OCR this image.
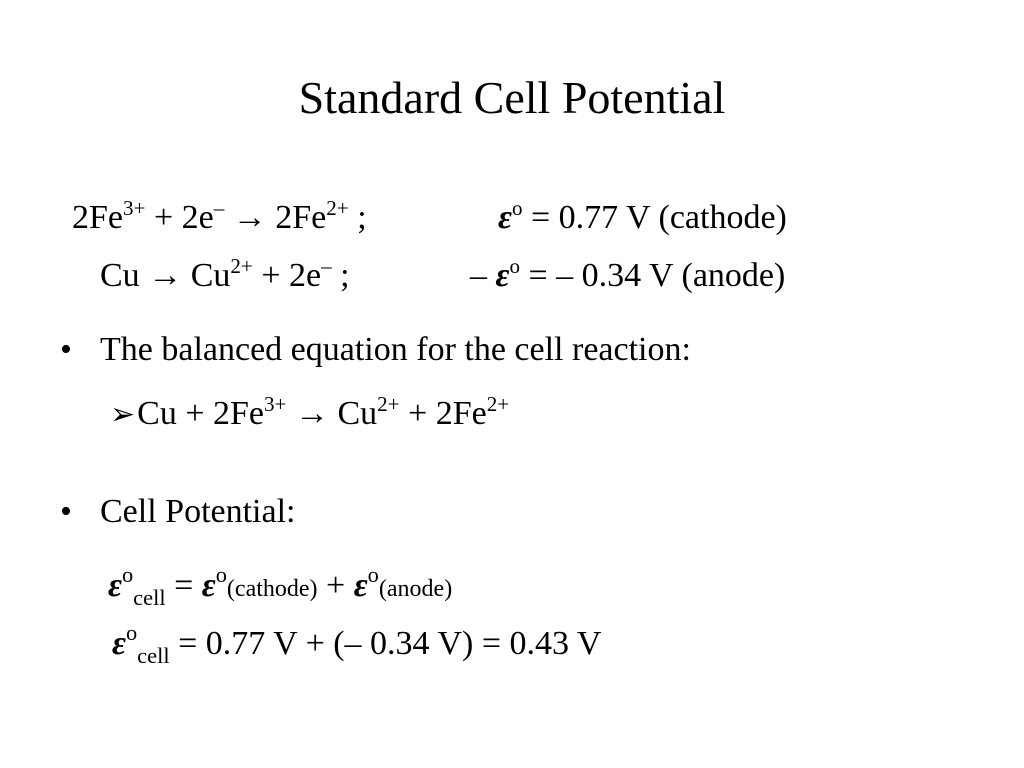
Standard Cell Potential
$2Fe^{3+} + 2e^- \to 2Fe^{2+}$ ;	$\varepsilon^o = 0.77$ V (cathode)
$Cu \to Cu^{2+} + 2e^-$ ;	– $\varepsilon^o$ = – 0.34 V (anode)
• The balanced equation for the cell reaction:
➢Cu + $2Fe^{3+} \to Cu^{2+} + 2Fe^{2+}$
• Cell Potential:
$\varepsilon^o_{cell}$ = $\varepsilon^o(cathode)$ + $\varepsilon^o(anode)$
$\varepsilon^o_{cell} = 0.77$ V + (– 0.34 V) = 0.43 V
